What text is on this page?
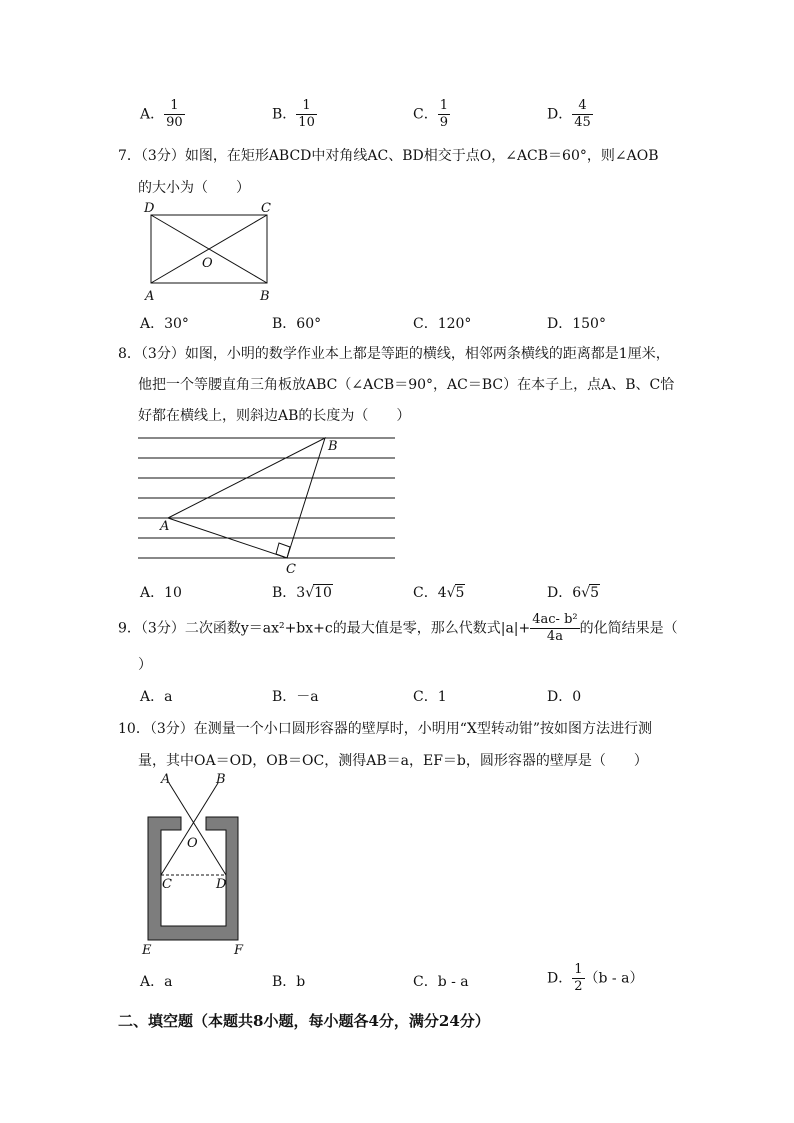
A． $\frac{1}{90}$	B． $\frac{1}{10}$	C． $\frac{1}{9}$	D． $\frac{4}{45}$
7．（3分）如图，在矩形ABCD中对角线AC、BD相交于点O，∠ACB＝60°，则∠AOB
的大小为（　　）
D	C
O
A	B
A．30°	B．60°	C．120°	D．150°
8．（3分）如图，小明的数学作业本上都是等距的横线，相邻两条横线的距离都是1厘米，
他把一个等腰直角三角板放ABC（∠ACB＝90°，AC＝BC）在本子上，点A、B、C恰
好都在横线上，则斜边AB的长度为（　　）
A
B
C
A．10	B．3√10	C．4√5	D．6√5
9．（3分）二次函数y＝ax²+bx+c的最大值是零，那么代数式$|a|+ \frac{\text{4ac- b²}}{4a}$ 的化简结果是（
）
A．a	B．－a	C．1	D．0
10．（3分）在测量一个小口圆形容器的壁厚时，小明用“X型转动钳”按如图方法进行测
量，其中OA＝OD，OB＝OC，测得AB＝a，EF＝b，圆形容器的壁厚是（　　）
A	B
O
C	D
E	F
A．a	B．b	C．b - a	D． $\frac{1}{2} (b - a)$
二、填空题（本题共8小题，每小题各4分，满分24分）
